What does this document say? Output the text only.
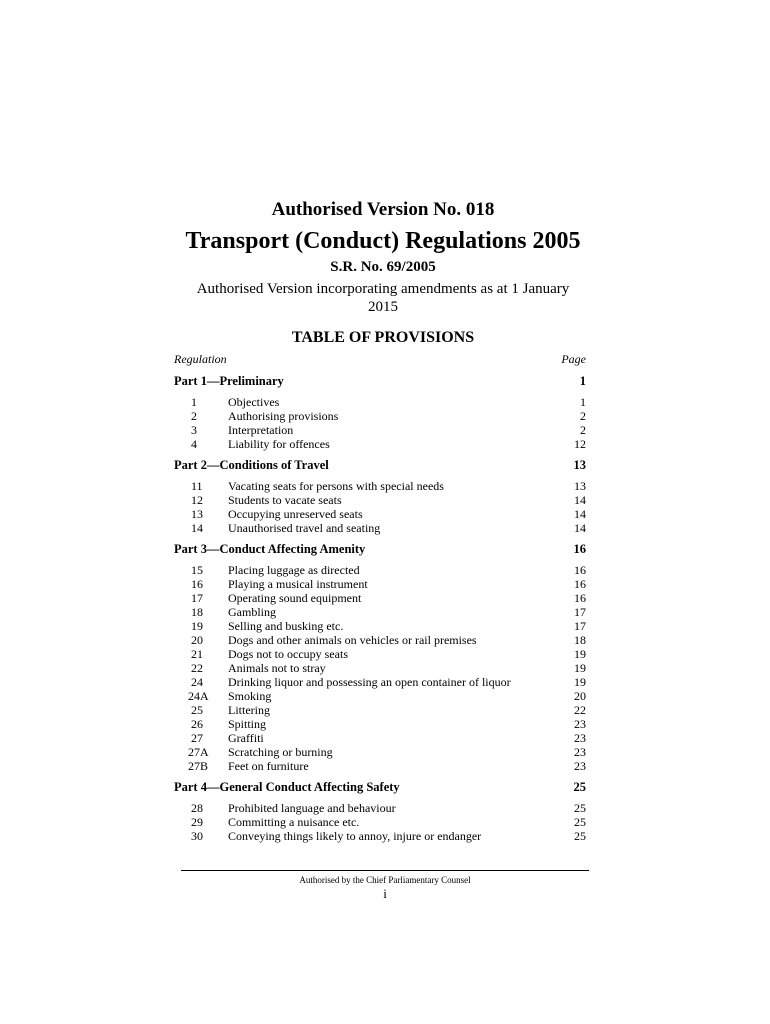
Authorised Version No. 018
Transport (Conduct) Regulations 2005
S.R. No. 69/2005
Authorised Version incorporating amendments as at 1 January 2015
TABLE OF PROVISIONS
Regulation	Page
Part 1—Preliminary	1
1	Objectives	1
2	Authorising provisions	2
3	Interpretation	2
4	Liability for offences	12
Part 2—Conditions of Travel	13
11	Vacating seats for persons with special needs	13
12	Students to vacate seats	14
13	Occupying unreserved seats	14
14	Unauthorised travel and seating	14
Part 3—Conduct Affecting Amenity	16
15	Placing luggage as directed	16
16	Playing a musical instrument	16
17	Operating sound equipment	16
18	Gambling	17
19	Selling and busking etc.	17
20	Dogs and other animals on vehicles or rail premises	18
21	Dogs not to occupy seats	19
22	Animals not to stray	19
24	Drinking liquor and possessing an open container of liquor	19
24A	Smoking	20
25	Littering	22
26	Spitting	23
27	Graffiti	23
27A	Scratching or burning	23
27B	Feet on furniture	23
Part 4—General Conduct Affecting Safety	25
28	Prohibited language and behaviour	25
29	Committing a nuisance etc.	25
30	Conveying things likely to annoy, injure or endanger	25
Authorised by the Chief Parliamentary Counsel
i
